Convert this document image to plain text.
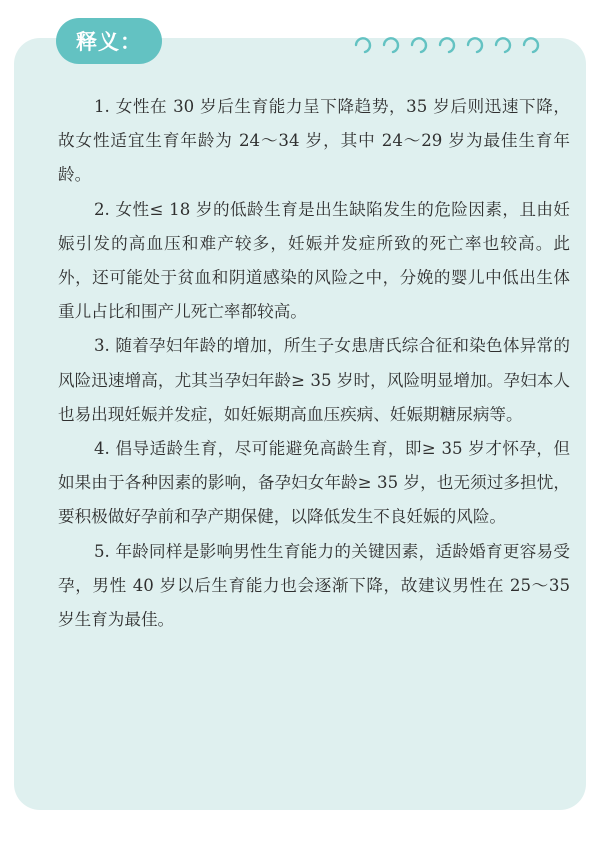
释义：

1. 女性在 30 岁后生育能力呈下降趋势，35 岁后则迅速下降，故女性适宜生育年龄为 24～34 岁，其中 24～29 岁为最佳生育年龄。

2. 女性≤ 18 岁的低龄生育是出生缺陷发生的危险因素，且由妊娠引发的高血压和难产较多，妊娠并发症所致的死亡率也较高。此外，还可能处于贫血和阴道感染的风险之中，分娩的婴儿中低出生体重儿占比和围产儿死亡率都较高。

3. 随着孕妇年龄的增加，所生子女患唐氏综合征和染色体异常的风险迅速增高，尤其当孕妇年龄≥ 35 岁时，风险明显增加。孕妇本人也易出现妊娠并发症，如妊娠期高血压疾病、妊娠期糖尿病等。

4. 倡导适龄生育，尽可能避免高龄生育，即≥ 35 岁才怀孕，但如果由于各种因素的影响，备孕妇女年龄≥ 35 岁，也无须过多担忧，要积极做好孕前和孕产期保健，以降低发生不良妊娠的风险。

5. 年龄同样是影响男性生育能力的关键因素，适龄婚育更容易受孕，男性 40 岁以后生育能力也会逐渐下降，故建议男性在 25～35 岁生育为最佳。
